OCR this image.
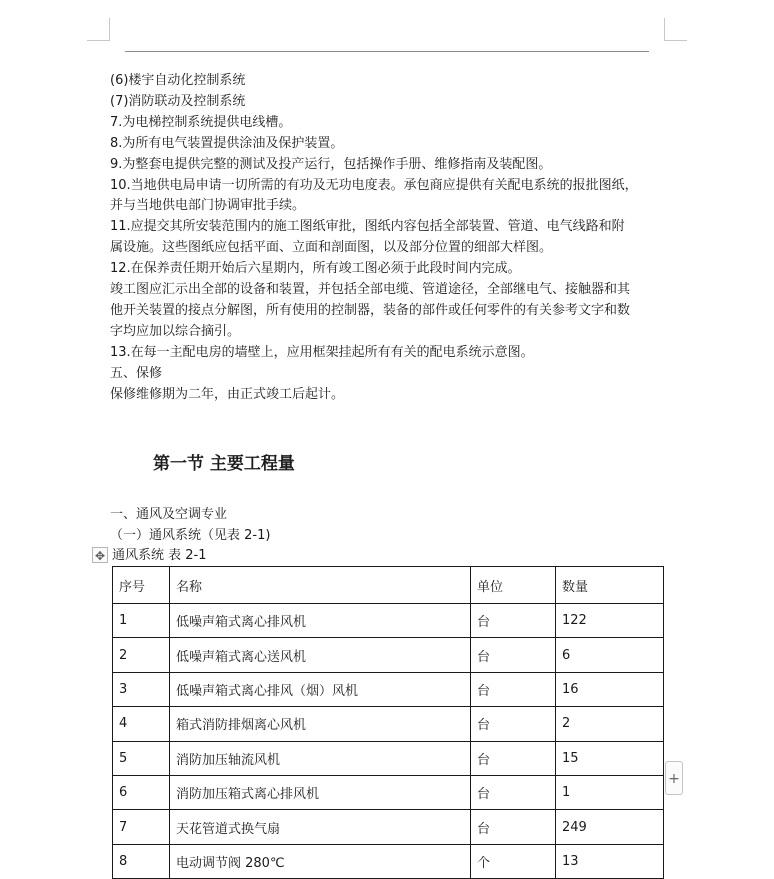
(6)楼宇自动化控制系统
(7)消防联动及控制系统
7.为电梯控制系统提供电线槽。
8.为所有电气装置提供涂油及保护装置。
9.为整套电提供完整的测试及投产运行，包括操作手册、维修指南及装配图。
10.当地供电局申请一切所需的有功及无功电度表。承包商应提供有关配电系统的报批图纸，
并与当地供电部门协调审批手续。
11.应提交其所安装范围内的施工图纸审批，图纸内容包括全部装置、管道、电气线路和附
属设施。这些图纸应包括平面、立面和剖面图，以及部分位置的细部大样图。
12.在保养责任期开始后六星期内，所有竣工图必须于此段时间内完成。
竣工图应汇示出全部的设备和装置，并包括全部电缆、管道途径，全部继电气、接触器和其
他开关装置的接点分解图，所有使用的控制器，装备的部件或任何零件的有关参考文字和数
字均应加以综合摘引。
13.在每一主配电房的墙壁上，应用框架挂起所有有关的配电系统示意图。
五、保修
保修维修期为二年，由正式竣工后起计。
第一节 主要工程量
一、通风及空调专业
（一）通风系统（见表 2-1)
✥ 通风系统 表 2-1
序号	名称	单位	数量
1	低噪声箱式离心排风机	台	122
2	低噪声箱式离心送风机	台	6
3	低噪声箱式离心排风（烟）风机	台	16
4	箱式消防排烟离心风机	台	2
5	消防加压轴流风机	台	15
6	消防加压箱式离心排风机	台	1
7	天花管道式换气扇	台	249
8	电动调节阀 280℃	个	13
+
